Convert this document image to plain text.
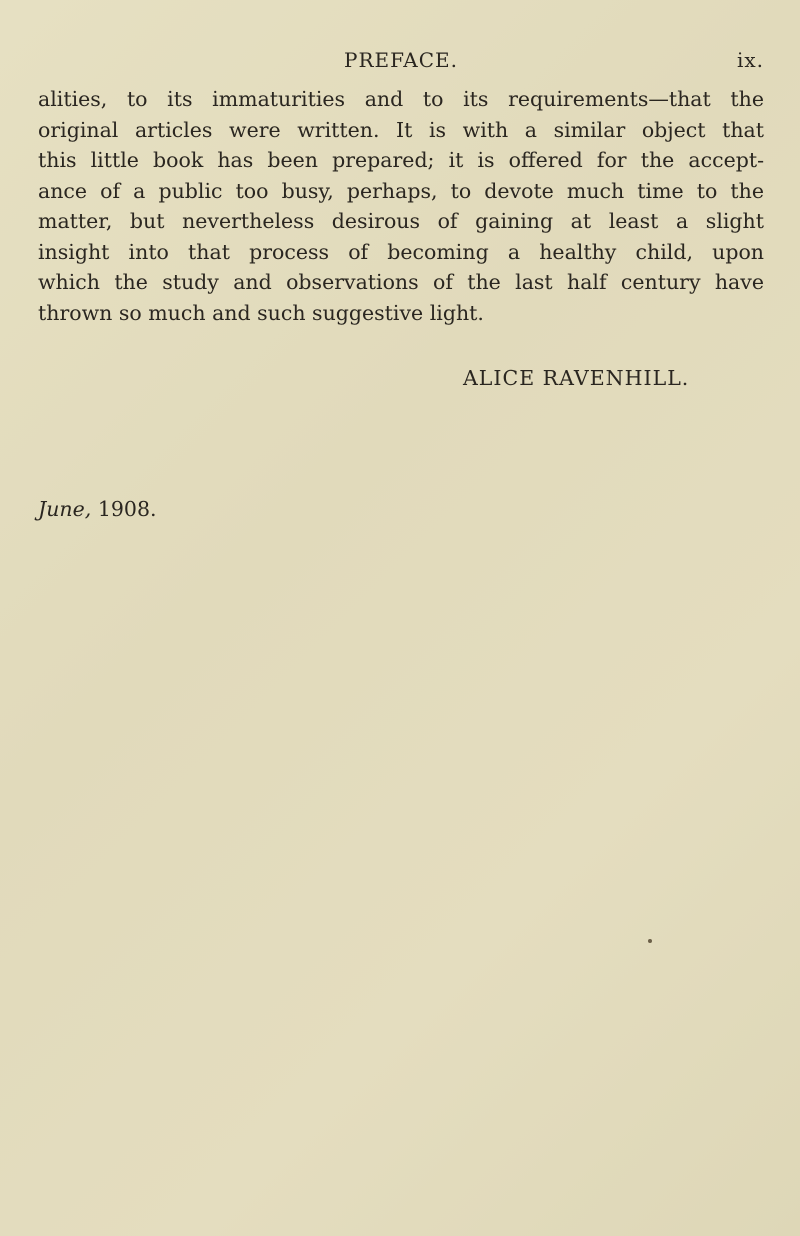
PREFACE.	ix.
alities, to its immaturities and to its requirements—that the
original articles were written. It is with a similar object that
this little book has been prepared; it is offered for the accept-
ance of a public too busy, perhaps, to devote much time to the
matter, but nevertheless desirous of gaining at least a slight
insight into that process of becoming a healthy child, upon
which the study and observations of the last half century have
thrown so much and such suggestive light.
ALICE RAVENHILL.
June, 1908.
